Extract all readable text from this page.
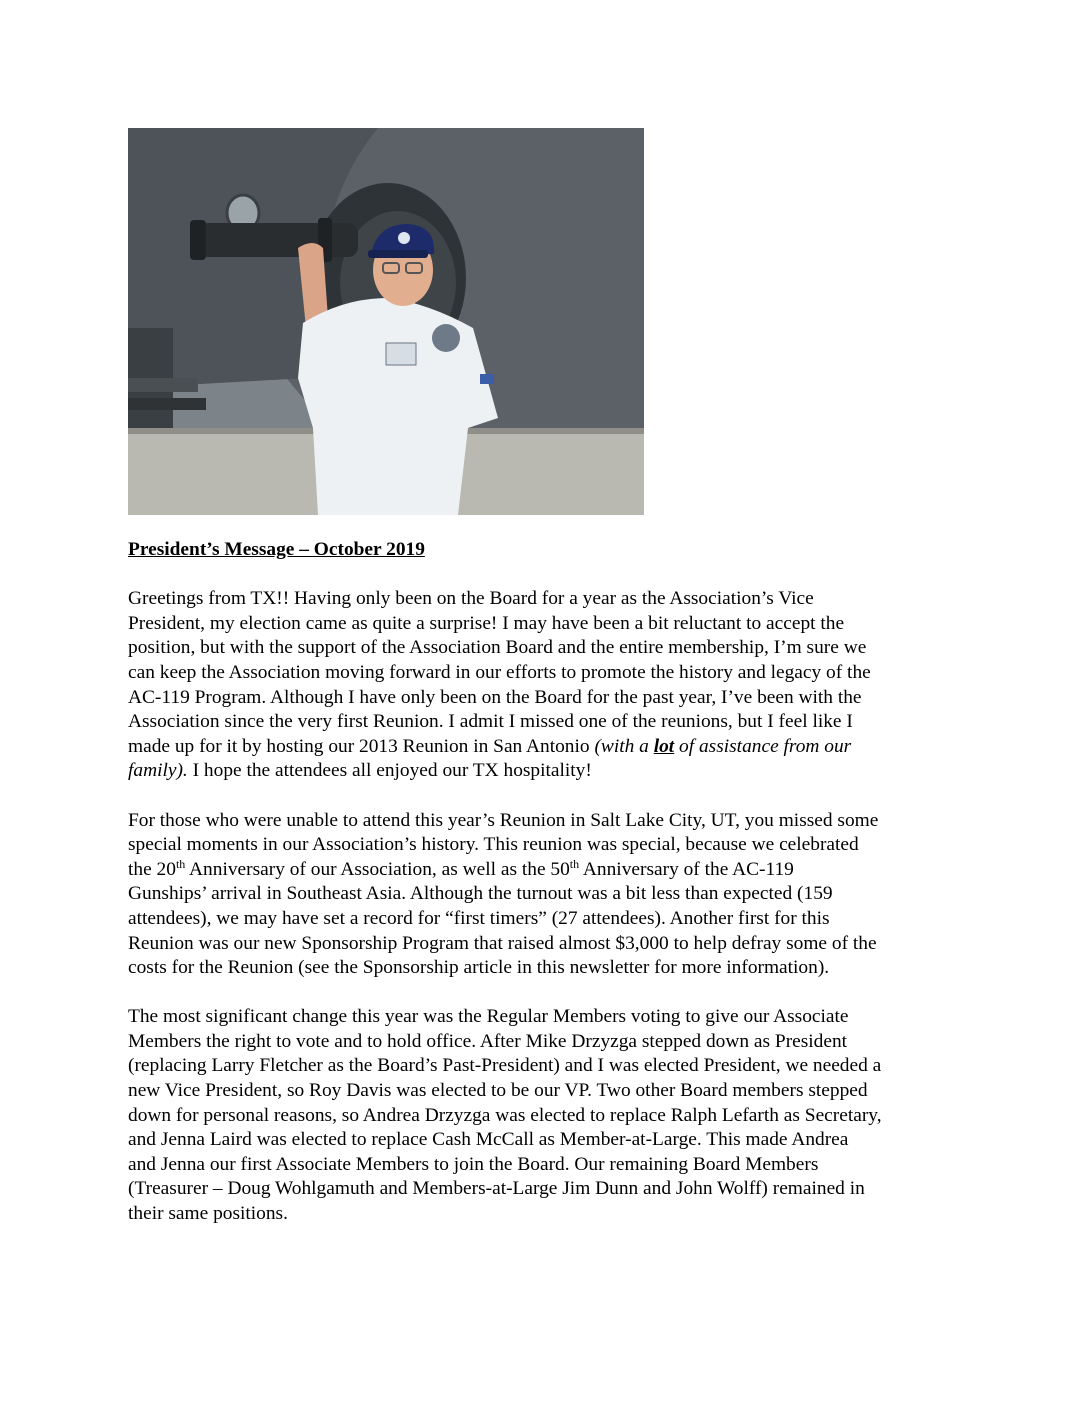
President’s Message – October 2019
Greetings from TX!! Having only been on the Board for a year as the Association’s Vice
President, my election came as quite a surprise! I may have been a bit reluctant to accept the
position, but with the support of the Association Board and the entire membership, I’m sure we
can keep the Association moving forward in our efforts to promote the history and legacy of the
AC-119 Program. Although I have only been on the Board for the past year, I’ve been with the
Association since the very first Reunion. I admit I missed one of the reunions, but I feel like I
made up for it by hosting our 2013 Reunion in San Antonio (with a lot of assistance from our
family). I hope the attendees all enjoyed our TX hospitality!
For those who were unable to attend this year’s Reunion in Salt Lake City, UT, you missed some
special moments in our Association’s history. This reunion was special, because we celebrated
the 20th Anniversary of our Association, as well as the 50th Anniversary of the AC-119
Gunships’ arrival in Southeast Asia. Although the turnout was a bit less than expected (159
attendees), we may have set a record for “first timers” (27 attendees). Another first for this
Reunion was our new Sponsorship Program that raised almost $3,000 to help defray some of the
costs for the Reunion (see the Sponsorship article in this newsletter for more information).
The most significant change this year was the Regular Members voting to give our Associate
Members the right to vote and to hold office. After Mike Drzyzga stepped down as President
(replacing Larry Fletcher as the Board’s Past-President) and I was elected President, we needed a
new Vice President, so Roy Davis was elected to be our VP. Two other Board members stepped
down for personal reasons, so Andrea Drzyzga was elected to replace Ralph Lefarth as Secretary,
and Jenna Laird was elected to replace Cash McCall as Member-at-Large. This made Andrea
and Jenna our first Associate Members to join the Board. Our remaining Board Members
(Treasurer – Doug Wohlgamuth and Members-at-Large Jim Dunn and John Wolff) remained in
their same positions.
